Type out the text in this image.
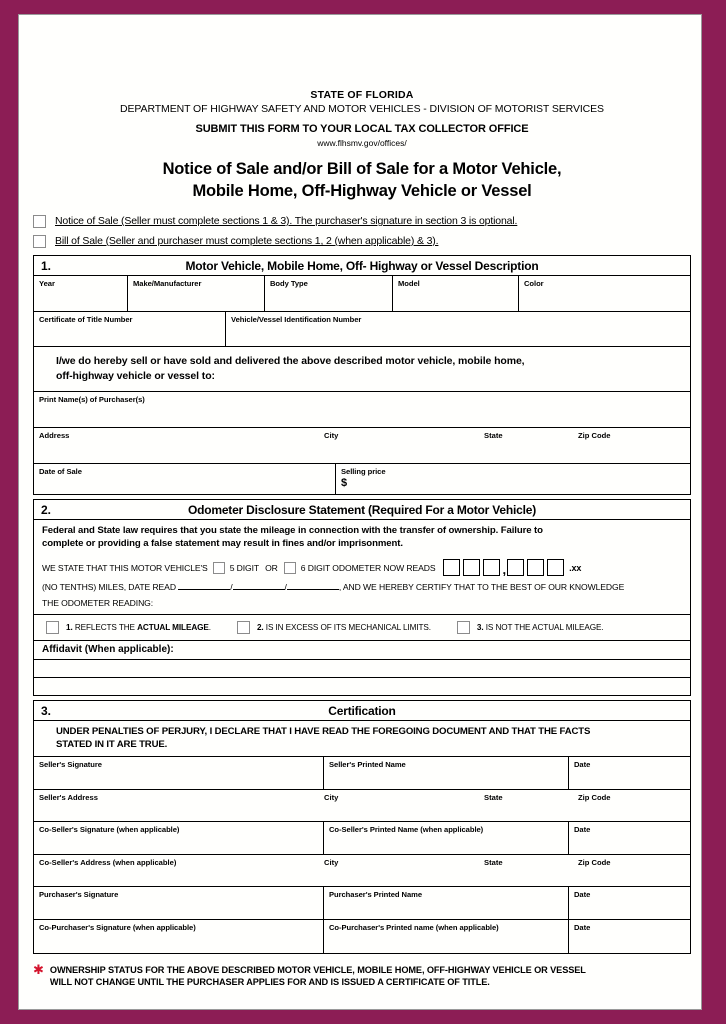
STATE OF FLORIDA
DEPARTMENT OF HIGHWAY SAFETY AND MOTOR VEHICLES - DIVISION OF MOTORIST SERVICES
SUBMIT THIS FORM TO YOUR LOCAL TAX COLLECTOR OFFICE
www.flhsmv.gov/offices/
Notice of Sale and/or Bill of Sale for a Motor Vehicle,
Mobile Home, Off-Highway Vehicle or Vessel
Notice of Sale (Seller must complete sections 1 & 3). The purchaser's signature in section 3 is optional.
Bill of Sale (Seller and purchaser must complete sections 1, 2 (when applicable) & 3).
1.	Motor Vehicle, Mobile Home, Off- Highway or Vessel Description
Year	Make/Manufacturer	Body Type	Model	Color
Certificate of Title Number	Vehicle/Vessel Identification Number
I/we do hereby sell or have sold and delivered the above described motor vehicle, mobile home,
off-highway vehicle or vessel to:
Print Name(s) of Purchaser(s)
Address	City	State	Zip Code
Date of Sale	Selling price
$
2.	Odometer Disclosure Statement (Required For a Motor Vehicle)
Federal and State law requires that you state the mileage in connection with the transfer of ownership. Failure to
complete or providing a false statement may result in fines and/or imprisonment.
WE STATE THAT THIS MOTOR VEHICLE'S	5 DIGIT OR	6 DIGIT ODOMETER NOW READS	,	.xx
(NO TENTHS) MILES, DATE READ	/	/	, AND WE HEREBY CERTIFY THAT TO THE BEST OF OUR KNOWLEDGE
THE ODOMETER READING:
1. REFLECTS THE ACTUAL MILEAGE.	2. IS IN EXCESS OF ITS MECHANICAL LIMITS.	3. IS NOT THE ACTUAL MILEAGE.
Affidavit (When applicable):
3.	Certification
UNDER PENALTIES OF PERJURY, I DECLARE THAT I HAVE READ THE FOREGOING DOCUMENT AND THAT THE FACTS
STATED IN IT ARE TRUE.
Seller's Signature	Seller's Printed Name	Date
Seller's Address	City	State	Zip Code
Co-Seller's Signature (when applicable)	Co-Seller's Printed Name (when applicable)	Date
Co-Seller's Address (when applicable)	City	State	Zip Code
Purchaser's Signature	Purchaser's Printed Name	Date
Co-Purchaser's Signature (when applicable)	Co-Purchaser's Printed name (when applicable)	Date
✱ OWNERSHIP STATUS FOR THE ABOVE DESCRIBED MOTOR VEHICLE, MOBILE HOME, OFF-HIGHWAY VEHICLE OR VESSEL
WILL NOT CHANGE UNTIL THE PURCHASER APPLIES FOR AND IS ISSUED A CERTIFICATE OF TITLE.
